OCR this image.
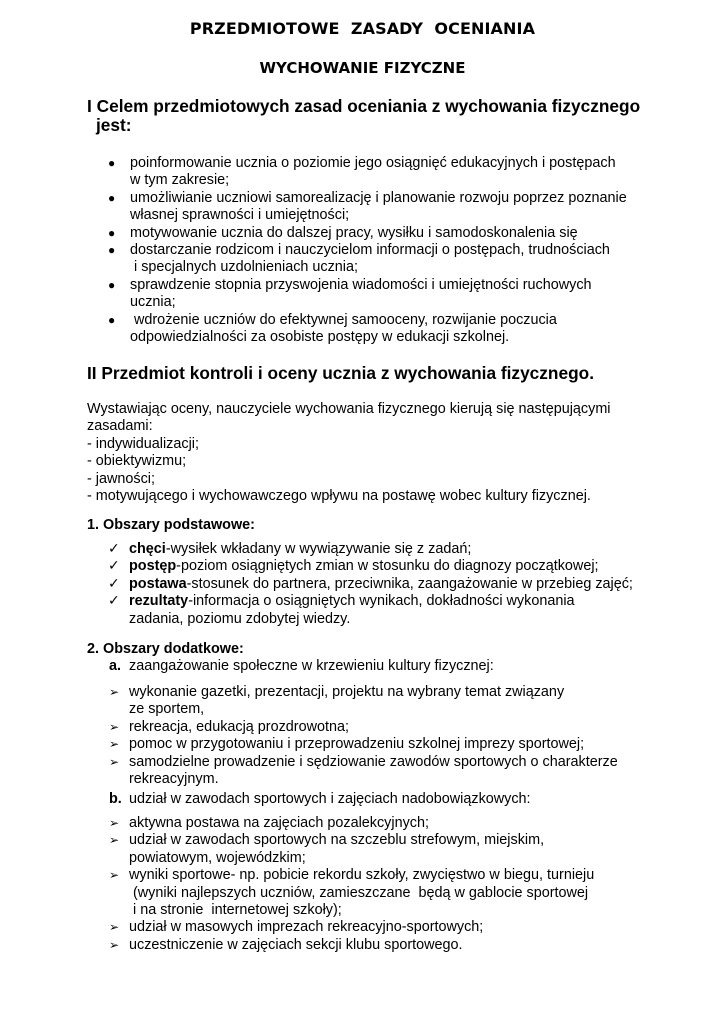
PRZEDMIOTOWE  ZASADY  OCENIANIA
WYCHOWANIE FIZYCZNE
I Celem przedmiotowych zasad oceniania z wychowania fizycznego
jest:
● poinformowanie ucznia o poziomie jego osiągnięć edukacyjnych i postępach
w tym zakresie;
● umożliwianie uczniowi samorealizację i planowanie rozwoju poprzez poznanie
własnej sprawności i umiejętności;
● motywowanie ucznia do dalszej pracy, wysiłku i samodoskonalenia się
● dostarczanie rodzicom i nauczycielom informacji o postępach, trudnościach
i specjalnych uzdolnieniach ucznia;
● sprawdzenie stopnia przyswojenia wiadomości i umiejętności ruchowych
ucznia;
● wdrożenie uczniów do efektywnej samooceny, rozwijanie poczucia
odpowiedzialności za osobiste postępy w edukacji szkolnej.
II Przedmiot kontroli i oceny ucznia z wychowania fizycznego.
Wystawiając oceny, nauczyciele wychowania fizycznego kierują się następującymi
zasadami:
- indywidualizacji;
- obiektywizmu;
- jawności;
- motywującego i wychowawczego wpływu na postawę wobec kultury fizycznej.
1. Obszary podstawowe:
✓ chęci-wysiłek wkładany w wywiązywanie się z zadań;
✓ postęp-poziom osiągniętych zmian w stosunku do diagnozy początkowej;
✓ postawa-stosunek do partnera, przeciwnika, zaangażowanie w przebieg zajęć;
✓ rezultaty-informacja o osiągniętych wynikach, dokładności wykonania
zadania, poziomu zdobytej wiedzy.
2. Obszary dodatkowe:
a. zaangażowanie społeczne w krzewieniu kultury fizycznej:
➢ wykonanie gazetki, prezentacji, projektu na wybrany temat związany
ze sportem,
➢ rekreacja, edukacją prozdrowotna;
➢ pomoc w przygotowaniu i przeprowadzeniu szkolnej imprezy sportowej;
➢ samodzielne prowadzenie i sędziowanie zawodów sportowych o charakterze
rekreacyjnym.
b. udział w zawodach sportowych i zajęciach nadobowiązkowych:
➢ aktywna postawa na zajęciach pozalekcyjnych;
➢ udział w zawodach sportowych na szczeblu strefowym, miejskim,
powiatowym, wojewódzkim;
➢ wyniki sportowe- np. pobicie rekordu szkoły, zwycięstwo w biegu, turnieju
(wyniki najlepszych uczniów, zamieszczane  będą w gablocie sportowej
i na stronie  internetowej szkoły);
➢ udział w masowych imprezach rekreacyjno-sportowych;
➢ uczestniczenie w zajęciach sekcji klubu sportowego.
